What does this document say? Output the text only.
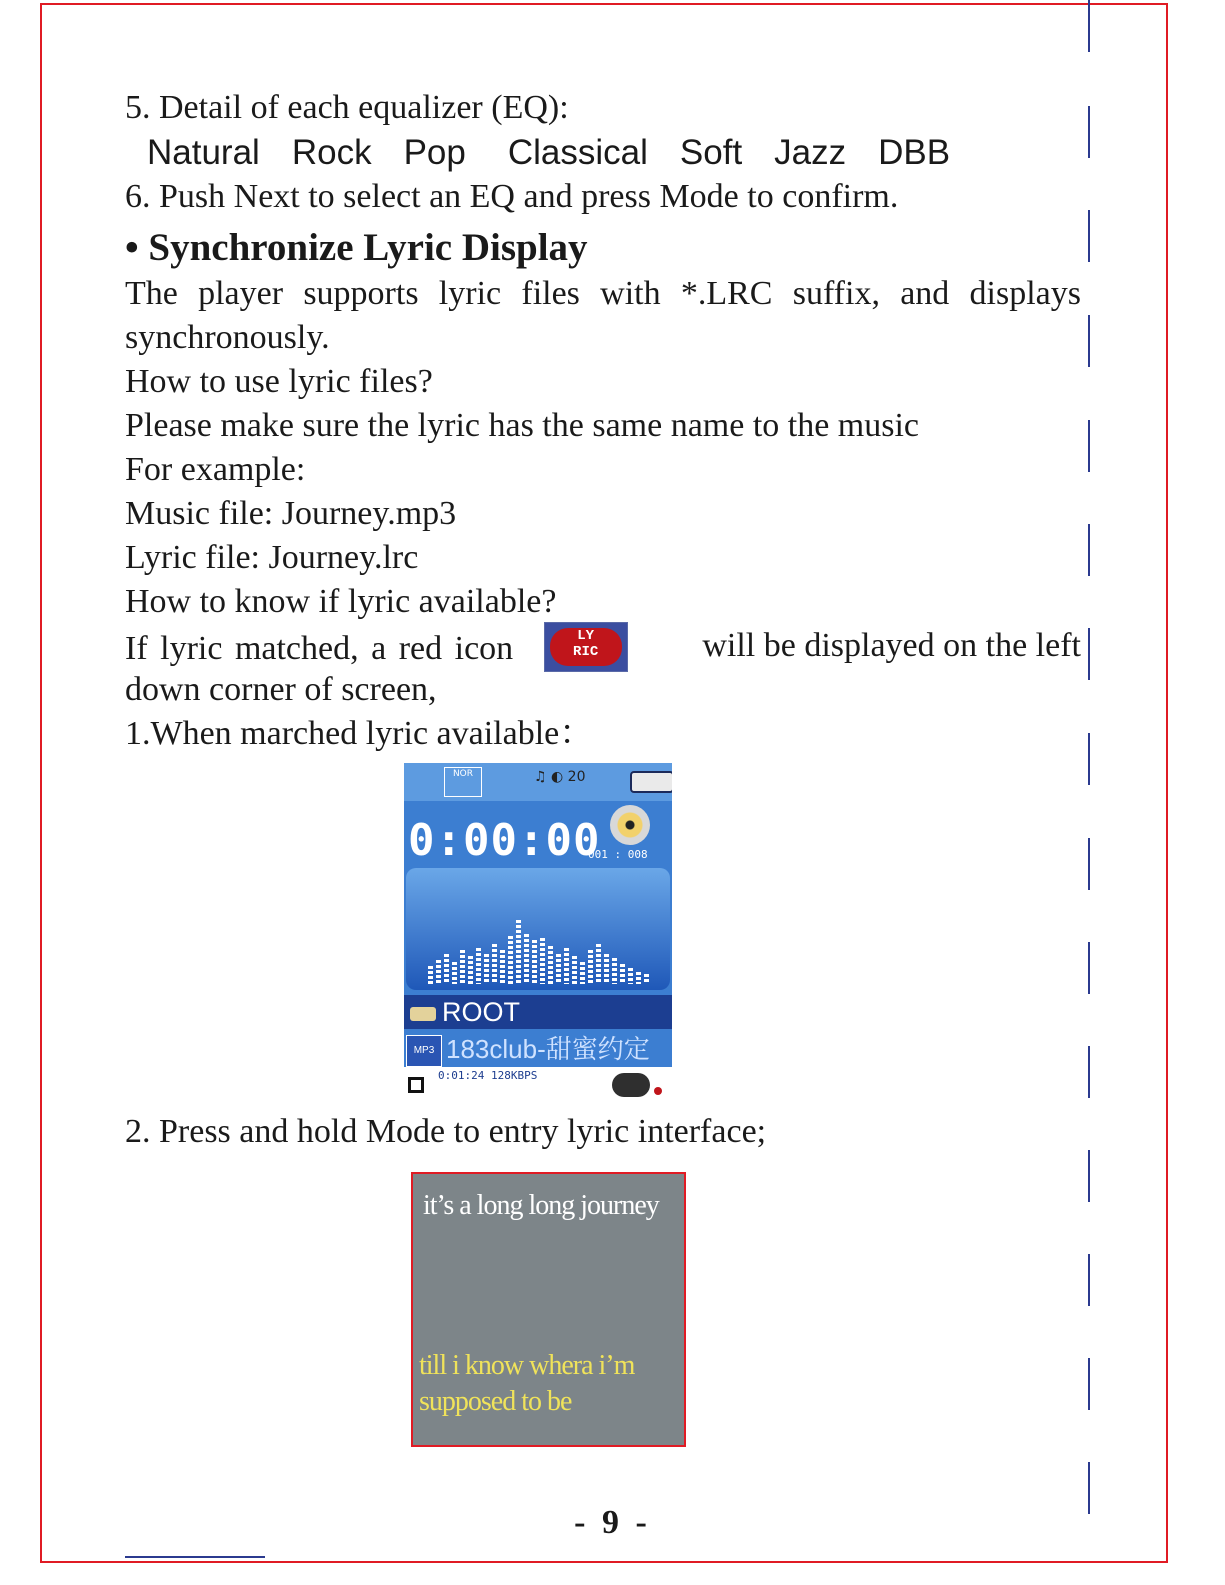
5. Detail of each equalizer (EQ):
Natural Rock Pop Classical Soft Jazz DBB
6. Push Next to select an EQ and press Mode to confirm.
• Synchronize Lyric Display
The player supports lyric files with *.LRC suffix, and displays
synchronously.
How to use lyric files?
Please make sure the lyric has the same name to the music
For example:
Music file: Journey.mp3
Lyric file: Journey.lrc
How to know if lyric available?
If lyric matched, a red icon	LY
RIC	will be displayed on the left
down corner of screen,
1.When marched lyric available：
NOR	♫ ◐ 20
0:00:00
001 : 008
ROOT
MP3 183club-甜蜜约定
0:01:24 128KBPS
2. Press and hold Mode to entry lyric interface;
it’s a long long journey
till i know whera i’m
supposed to be
- 9 -
